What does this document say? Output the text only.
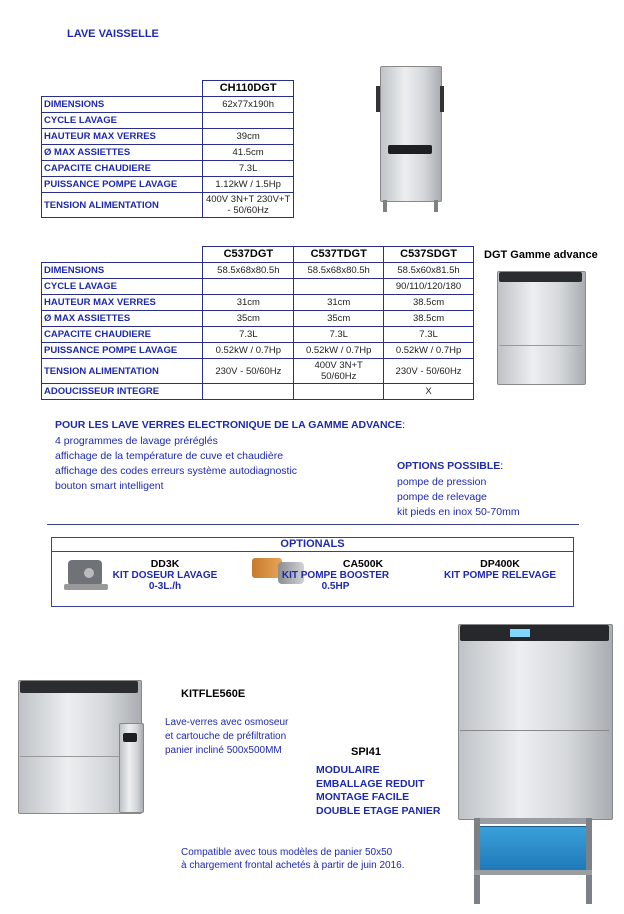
LAVE VAISSELLE
	CH110DGT
DIMENSIONS	62x77x190h
CYCLE LAVAGE	
HAUTEUR MAX VERRES	39cm
Ø MAX ASSIETTES	41.5cm
CAPACITE CHAUDIERE	7.3L
PUISSANCE POMPE LAVAGE	1.12kW / 1.5Hp
TENSION ALIMENTATION	400V 3N+T 230V+T - 50/60Hz
	C537DGT	C537TDGT	C537SDGT
DIMENSIONS	58.5x68x80.5h	58.5x68x80.5h	58.5x60x81.5h
CYCLE LAVAGE			90/110/120/180
HAUTEUR MAX VERRES	31cm	31cm	38.5cm
Ø MAX ASSIETTES	35cm	35cm	38.5cm
CAPACITE CHAUDIERE	7.3L	7.3L	7.3L
PUISSANCE POMPE LAVAGE	0.52kW / 0.7Hp	0.52kW / 0.7Hp	0.52kW / 0.7Hp
TENSION ALIMENTATION	230V - 50/60Hz	400V 3N+T 50/60Hz	230V - 50/60Hz
ADOUCISSEUR INTEGRE			X
DGT Gamme advance
POUR LES LAVE VERRES ELECTRONIQUE DE LA GAMME ADVANCE:
4 programmes de lavage préréglés
affichage de la température de cuve et chaudière
affichage des codes erreurs système autodiagnostic
bouton smart intelligent
OPTIONS POSSIBLE:
pompe de pression
pompe de relevage
kit pieds en inox 50-70mm
OPTIONALS
DD3K
KIT DOSEUR LAVAGE
0-3L./h
CA500K
KIT POMPE BOOSTER
0.5HP
DP400K
KIT POMPE RELEVAGE
KITFLE560E
Lave-verres avec osmoseur
et cartouche de préfiltration
panier incliné 500x500MM	SPI41
MODULAIRE
EMBALLAGE REDUIT
MONTAGE FACILE
DOUBLE ETAGE PANIER
Compatible avec tous modèles de panier 50x50
à chargement frontal achetés à partir de juin 2016.
